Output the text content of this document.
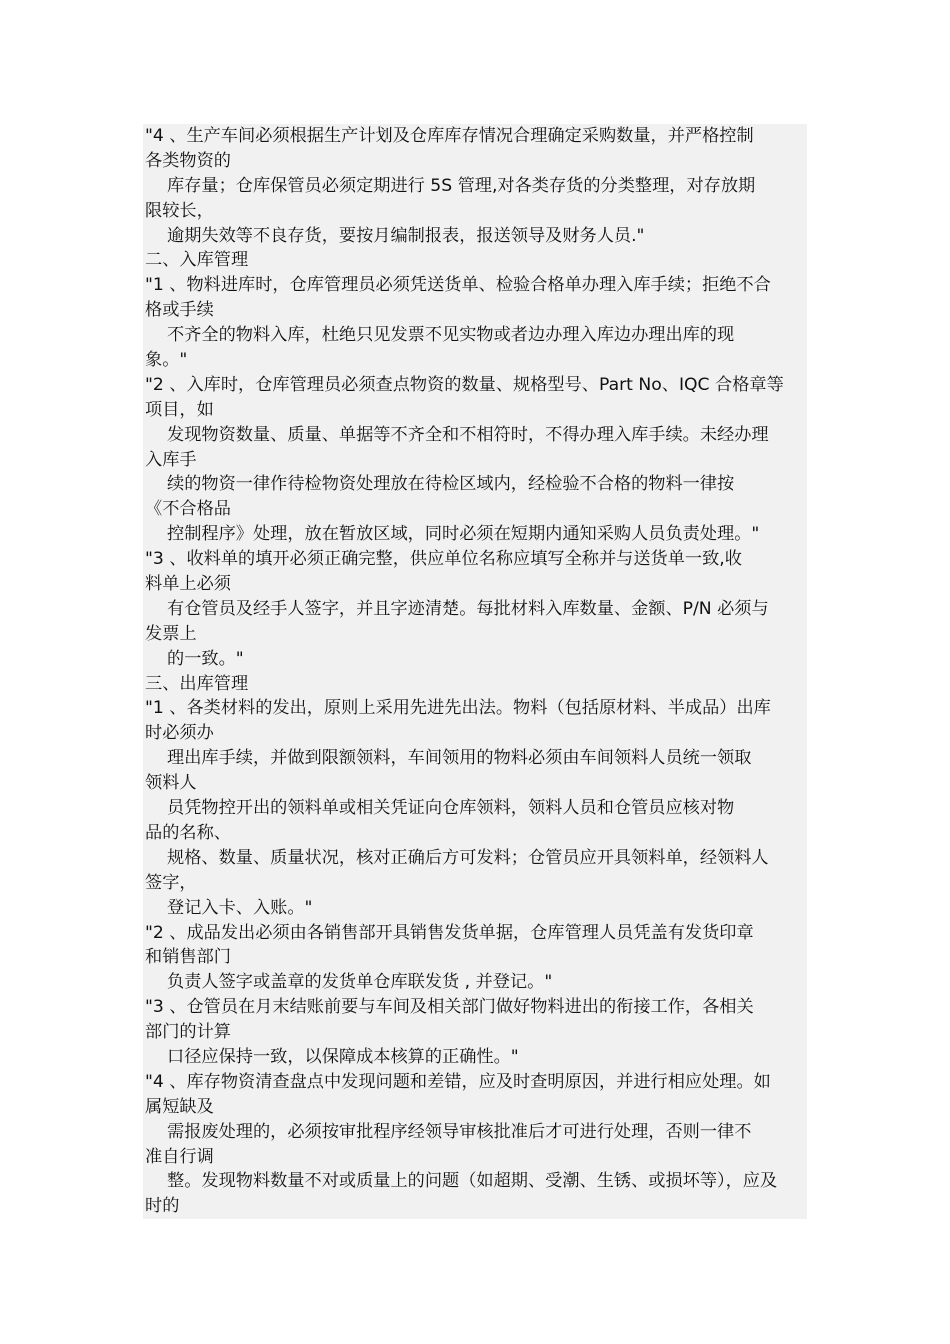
"4 、生产车间必须根据生产计划及仓库库存情况合理确定采购数量，并严格控制
各类物资的
库存量；仓库保管员必须定期进行 5S 管理,对各类存货的分类整理，对存放期
限较长，
逾期失效等不良存货，要按月编制报表，报送领导及财务人员."
二、入库管理
"1 、物料进库时，仓库管理员必须凭送货单、检验合格单办理入库手续；拒绝不合
格或手续
不齐全的物料入库，杜绝只见发票不见实物或者边办理入库边办理出库的现
象。"
"2 、入库时，仓库管理员必须查点物资的数量、规格型号、Part No、IQC 合格章等
项目，如
发现物资数量、质量、单据等不齐全和不相符时，不得办理入库手续。未经办理
入库手
续的物资一律作待检物资处理放在待检区域内，经检验不合格的物料一律按
《不合格品
控制程序》处理，放在暂放区域，同时必须在短期内通知采购人员负责处理。"
"3 、收料单的填开必须正确完整，供应单位名称应填写全称并与送货单一致,收
料单上必须
有仓管员及经手人签字，并且字迹清楚。每批材料入库数量、金额、P/N 必须与
发票上
的一致。"
三、出库管理
"1 、各类材料的发出，原则上采用先进先出法。物料（包括原材料、半成品）出库
时必须办
理出库手续，并做到限额领料，车间领用的物料必须由车间领料人员统一领取
领料人
员凭物控开出的领料单或相关凭证向仓库领料，领料人员和仓管员应核对物
品的名称、
规格、数量、质量状况，核对正确后方可发料；仓管员应开具领料单，经领料人
签字，
登记入卡、入账。"
"2 、成品发出必须由各销售部开具销售发货单据，仓库管理人员凭盖有发货印章
和销售部门
负责人签字或盖章的发货单仓库联发货 , 并登记。"
"3 、仓管员在月末结账前要与车间及相关部门做好物料进出的衔接工作，各相关
部门的计算
口径应保持一致，以保障成本核算的正确性。"
"4 、库存物资清查盘点中发现问题和差错，应及时查明原因，并进行相应处理。如
属短缺及
需报废处理的，必须按审批程序经领导审核批准后才可进行处理，否则一律不
准自行调
整。发现物料数量不对或质量上的问题（如超期、受潮、生锈、或损坏等），应及
时的
